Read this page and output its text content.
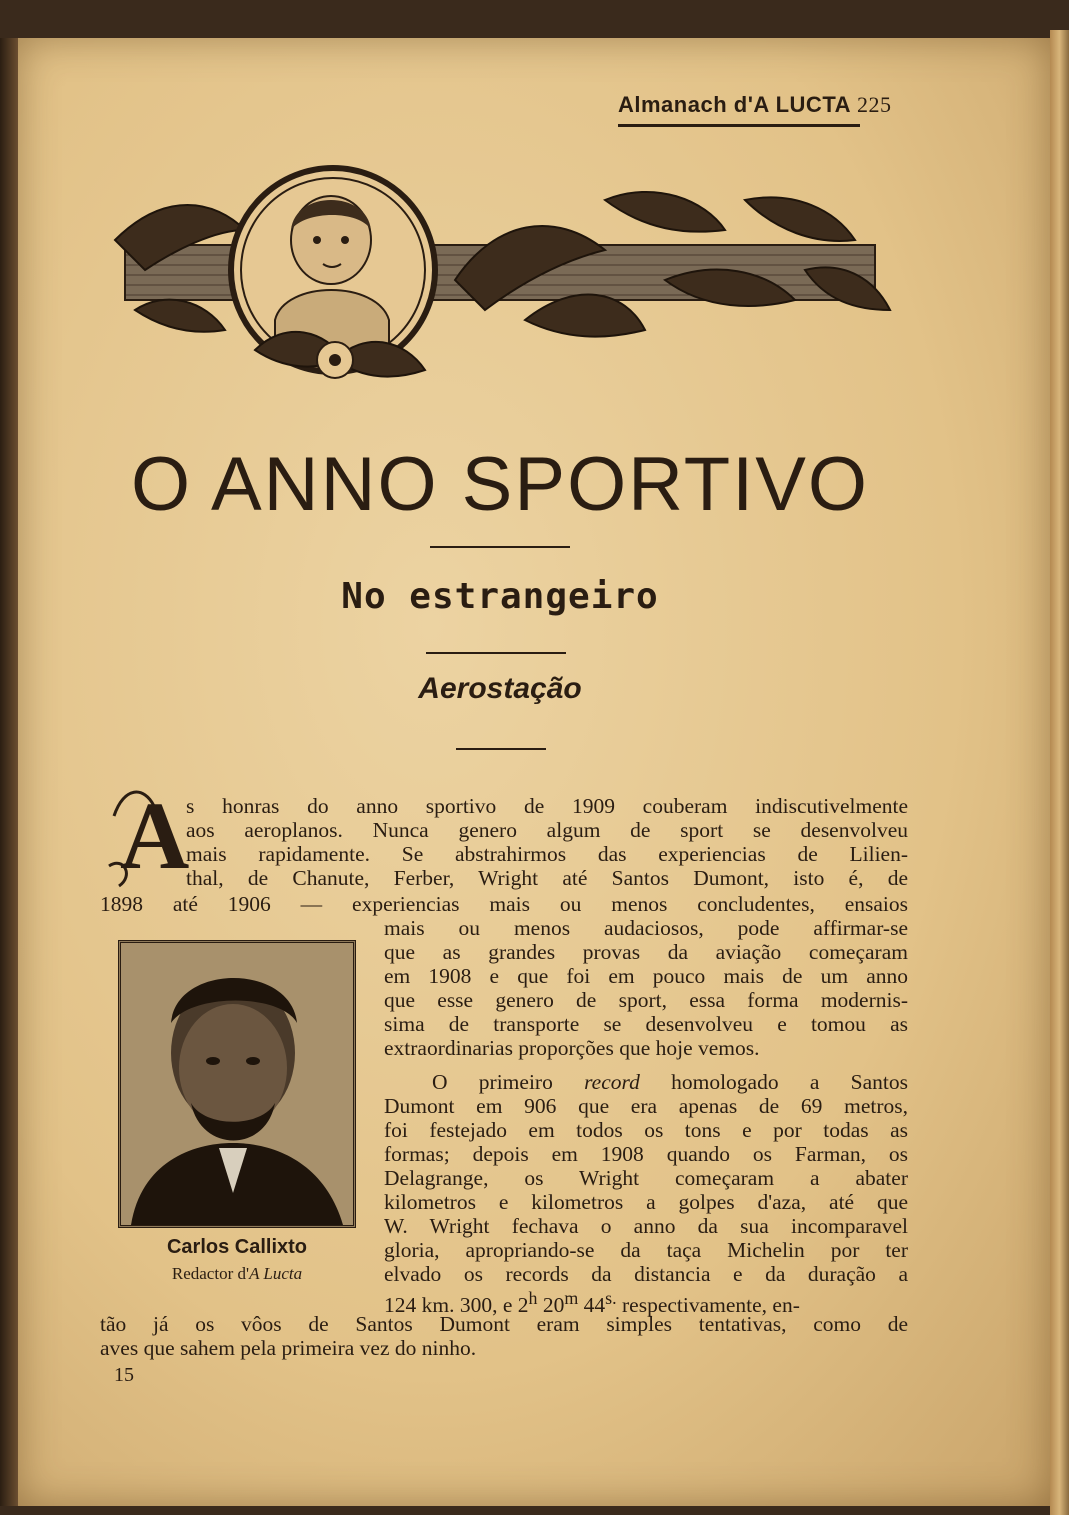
Almanach d'A LUCTA 225
O ANNO SPORTIVO
No estrangeiro
Aerostação
A
s honras do anno sportivo de 1909 couberam indiscutivelmente
aos aeroplanos. Nunca genero algum de sport se desenvolveu
mais rapidamente. Se abstrahirmos das experiencias de Lilien-
thal, de Chanute, Ferber, Wright até Santos Dumont, isto é, de
1898 até 1906 — experiencias mais ou menos concludentes, ensaios
mais ou menos audaciosos, pode affirmar-se
que as grandes provas da aviação começaram
em 1908 e que foi em pouco mais de um anno
que esse genero de sport, essa forma modernis-
sima de transporte se desenvolveu e tomou as
extraordinarias proporções que hoje vemos.
O primeiro record homologado a Santos
Dumont em 906 que era apenas de 69 metros,
foi festejado em todos os tons e por todas as
formas; depois em 1908 quando os Farman, os
Delagrange, os Wright começaram a abater
kilometros e kilometros a golpes d'aza, até que
W. Wright fechava o anno da sua incomparavel
gloria, apropriando-se da taça Michelin por ter
elvado os records da distancia e da duração a
124 km. 300, e 2$^h$ 20$^m$ $44^{s.}$ respectivamente, en-
tão já os vôos de Santos Dumont eram simples tentativas, como de
aves que sahem pela primeira vez do ninho.
Carlos Callixto
Redactor d'A Lucta
15
